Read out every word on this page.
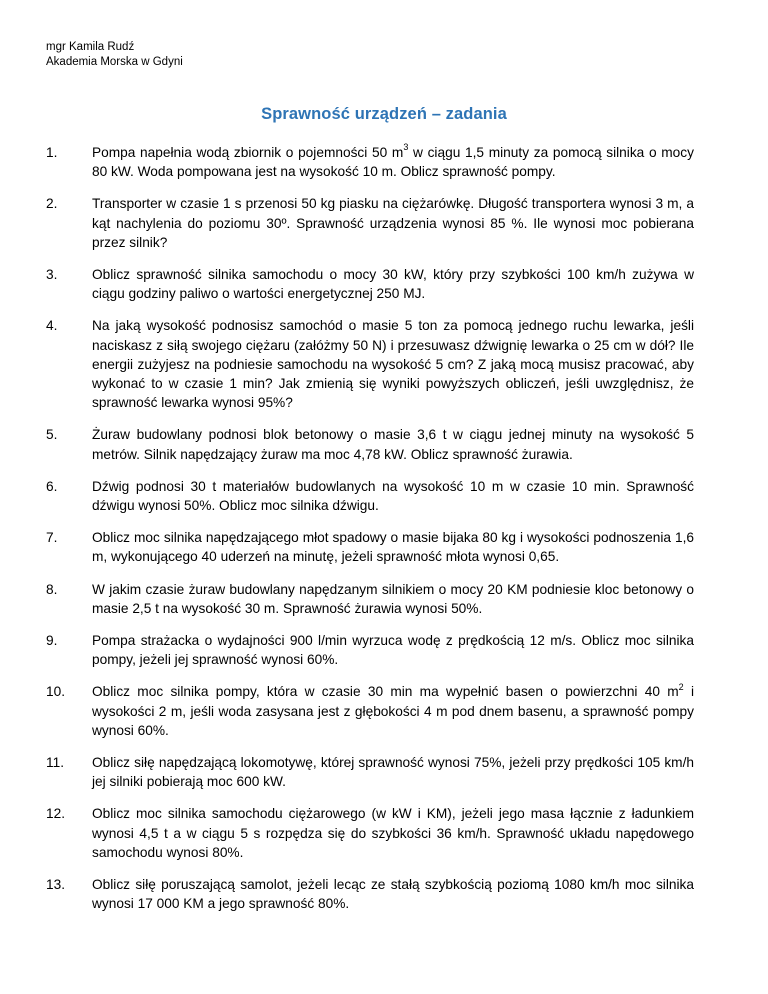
mgr Kamila Rudź
Akademia Morska w Gdyni
Sprawność urządzeń – zadania
1.	Pompa napełnia wodą zbiornik o pojemności 50 $m^3$ w ciągu 1,5 minuty za pomocą silnika o mocy 80 kW. Woda pompowana jest na wysokość 10 m. Oblicz sprawność pompy.
2.	Transporter w czasie 1 s przenosi 50 kg piasku na ciężarówkę. Długość transportera wynosi 3 m, a kąt nachylenia do poziomu 30º. Sprawność urządzenia wynosi 85 %. Ile wynosi moc pobierana przez silnik?
3.	Oblicz sprawność silnika samochodu o mocy 30 kW, który przy szybkości 100 km/h zużywa w ciągu godziny paliwo o wartości energetycznej 250 MJ.
4.	Na jaką wysokość podnosisz samochód o masie 5 ton za pomocą jednego ruchu lewarka, jeśli naciskasz z siłą swojego ciężaru (załóżmy 50 N) i przesuwasz dźwignię lewarka o 25 cm w dół? Ile energii zużyjesz na podniesie samochodu na wysokość 5 cm? Z jaką mocą musisz pracować, aby wykonać to w czasie 1 min? Jak zmienią się wyniki powyższych obliczeń, jeśli uwzględnisz, że sprawność lewarka wynosi 95%?
5.	Żuraw budowlany podnosi blok betonowy o masie 3,6 t w ciągu jednej minuty na wysokość 5 metrów. Silnik napędzający żuraw ma moc 4,78 kW. Oblicz sprawność żurawia.
6.	Dźwig podnosi 30 t materiałów budowlanych na wysokość 10 m w czasie 10 min. Sprawność dźwigu wynosi 50%. Oblicz moc silnika dźwigu.
7.	Oblicz moc silnika napędzającego młot spadowy o masie bijaka 80 kg i wysokości podnoszenia 1,6 m, wykonującego 40 uderzeń na minutę, jeżeli sprawność młota wynosi 0,65.
8.	W jakim czasie żuraw budowlany napędzanym silnikiem o mocy 20 KM podniesie kloc betonowy o masie 2,5 t na wysokość 30 m. Sprawność żurawia wynosi 50%.
9.	Pompa strażacka o wydajności 900 l/min wyrzuca wodę z prędkością 12 m/s. Oblicz moc silnika pompy, jeżeli jej sprawność wynosi 60%.
10.	Oblicz moc silnika pompy, która w czasie 30 min ma wypełnić basen o powierzchni 40 $m^2$ i wysokości 2 m, jeśli woda zasysana jest z głębokości 4 m pod dnem basenu, a sprawność pompy wynosi 60%.
11.	Oblicz siłę napędzającą lokomotywę, której sprawność wynosi 75%, jeżeli przy prędkości 105 km/h jej silniki pobierają moc 600 kW.
12.	Oblicz moc silnika samochodu ciężarowego (w kW i KM), jeżeli jego masa łącznie z ładunkiem wynosi 4,5 t a w ciągu 5 s rozpędza się do szybkości 36 km/h. Sprawność układu napędowego samochodu wynosi 80%.
13.	Oblicz siłę poruszającą samolot, jeżeli lecąc ze stałą szybkością poziomą 1080 km/h moc silnika wynosi 17 000 KM a jego sprawność 80%.
